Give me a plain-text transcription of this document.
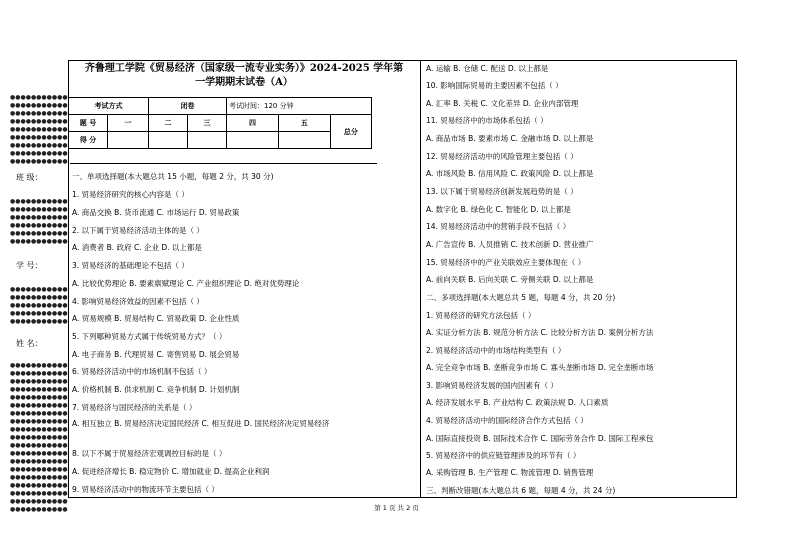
●●●●●●●●●●●
●●●●●●●●●●●
●●●●●●●●●●●
●●●●●●●●●●●
●●●●●●●●●●●
●●●●●●●●●●●
●●●●●●●●●●●
●●●●●●●●●●●
●●●●●●●●●●●
班 级：
●●●●●●●●●●●
●●●●●●●●●●●
●●●●●●●●●●●
●●●●●●●●●●●
●●●●●●●●●●●
●●●●●●●●●●●
学 号：
●●●●●●●●●●●
●●●●●●●●●●●
●●●●●●●●●●●
●●●●●●●●●●●
●●●●●●●●●●●
姓 名：
●●●●●●●●●●●
●●●●●●●●●●●
●●●●●●●●●●●
●●●●●●●●●●●
●●●●●●●●●●●
●●●●●●●●●●●
●●●●●●●●●●●
●●●●●●●●●●●
●●●●●●●●●●●
●●●●●●●●●●●
●●●●●●●●●●●
●●●●●●●●●●●
●●●●●●●●●●●
●●●●●●●●●●●
●●●●●●●●●●●
●●●●●●●●●●●
●●●●●●●●●●●
●●●●●●●●●●●
●●●●●●●●●●●
齐鲁理工学院《贸易经济（国家级一流专业实务）》2024-2025 学年第
一学期期末试卷（A）
考试方式		闭卷		考试时间：120 分钟		
题 号	一	二	三	四	五	总分
得 分						
一、单项选择题(本大题总共 15 小题，每题 2 分，共 30 分)
1. 贸易经济研究的核心内容是（ ）
A. 商品交换 B. 货币流通 C. 市场运行 D. 贸易政策
2. 以下属于贸易经济活动主体的是（ ）
A. 消费者 B. 政府 C. 企业 D. 以上都是
3. 贸易经济的基础理论不包括（ ）
A. 比较优势理论 B. 要素禀赋理论 C. 产业组织理论 D. 绝对优势理论
4. 影响贸易经济效益的因素不包括（ ）
A. 贸易规模 B. 贸易结构 C. 贸易政策 D. 企业性质
5. 下列哪种贸易方式属于传统贸易方式？（ ）
A. 电子商务 B. 代理贸易 C. 寄售贸易 D. 展会贸易
6. 贸易经济活动中的市场机制不包括（ ）
A. 价格机制 B. 供求机制 C. 竞争机制 D. 计划机制
7. 贸易经济与国民经济的关系是（ ）
A. 相互独立 B. 贸易经济决定国民经济 C. 相互促进 D. 国民经济决定贸易经济
8. 以下不属于贸易经济宏观调控目标的是（ ）
A. 促进经济增长 B. 稳定物价 C. 增加就业 D. 提高企业利润
9. 贸易经济活动中的物流环节主要包括（ ）
A. 运输 B. 仓储 C. 配送 D. 以上都是
10. 影响国际贸易的主要因素不包括（ ）
A. 汇率 B. 关税 C. 文化差异 D. 企业内部管理
11. 贸易经济中的市场体系包括（ ）
A. 商品市场 B. 要素市场 C. 金融市场 D. 以上都是
12. 贸易经济活动中的风险管理主要包括（ ）
A. 市场风险 B. 信用风险 C. 政策风险 D. 以上都是
13. 以下属于贸易经济创新发展趋势的是（ ）
A. 数字化 B. 绿色化 C. 智能化 D. 以上都是
14. 贸易经济活动中的营销手段不包括（ ）
A. 广告宣传 B. 人员推销 C. 技术创新 D. 营业推广
15. 贸易经济中的产业关联效应主要体现在（ ）
A. 前向关联 B. 后向关联 C. 旁侧关联 D. 以上都是
二、多项选择题(本大题总共 5 题，每题 4 分，共 20 分)
1. 贸易经济的研究方法包括（ ）
A. 实证分析方法 B. 规范分析方法 C. 比较分析方法 D. 案例分析方法
2. 贸易经济活动中的市场结构类型有（ ）
A. 完全竞争市场 B. 垄断竞争市场 C. 寡头垄断市场 D. 完全垄断市场
3. 影响贸易经济发展的国内因素有（ ）
A. 经济发展水平 B. 产业结构 C. 政策法规 D. 人口素质
4. 贸易经济活动中的国际经济合作方式包括（ ）
A. 国际直接投资 B. 国际技术合作 C. 国际劳务合作 D. 国际工程承包
5. 贸易经济中的供应链管理涉及的环节有（ ）
A. 采购管理 B. 生产管理 C. 物流管理 D. 销售管理
三、判断改错题(本大题总共 6 题，每题 4 分，共 24 分)
第 1 页 共 2 页
